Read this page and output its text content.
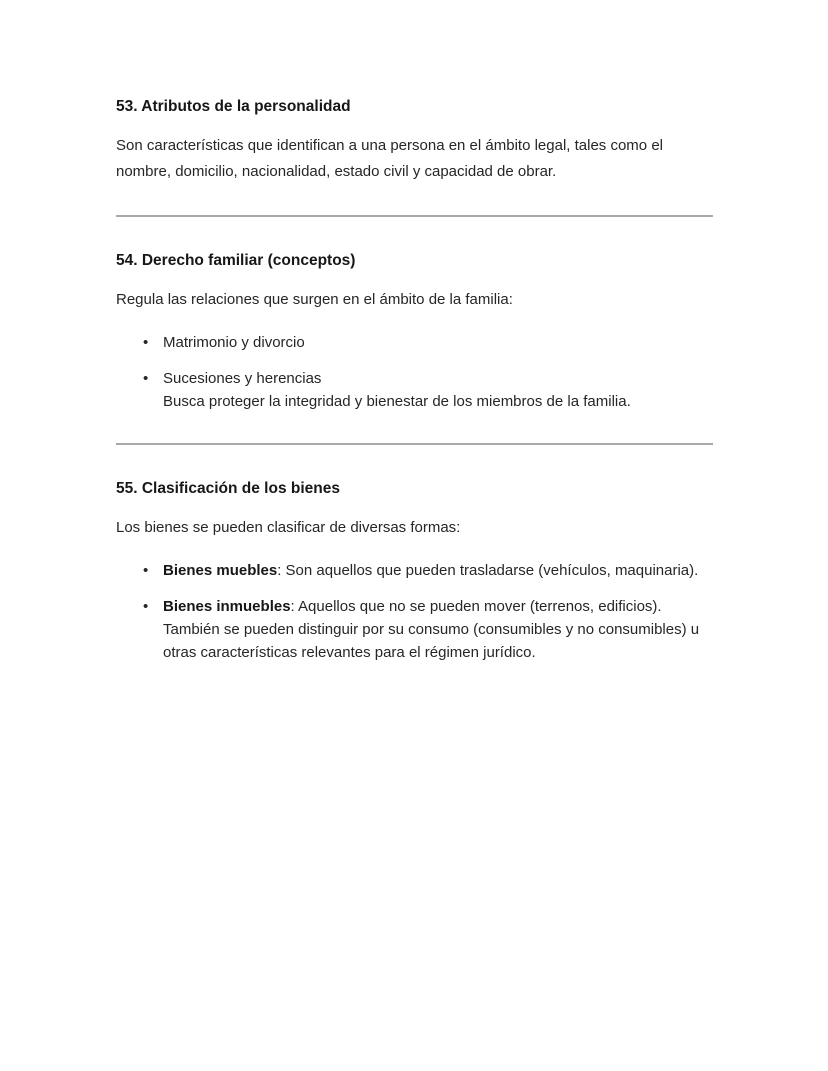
53. Atributos de la personalidad

Son características que identifican a una persona en el ámbito legal, tales como el nombre, domicilio, nacionalidad, estado civil y capacidad de obrar.

54. Derecho familiar (conceptos)

Regula las relaciones que surgen en el ámbito de la familia:

• Matrimonio y divorcio
• Sucesiones y herencias
Busca proteger la integridad y bienestar de los miembros de la familia.
55. Clasificación de los bienes

Los bienes se pueden clasificar de diversas formas:

• Bienes muebles: Son aquellos que pueden trasladarse (vehículos, maquinaria).
• Bienes inmuebles: Aquellos que no se pueden mover (terrenos, edificios). También se pueden distinguir por su consumo (consumibles y no consumibles) u otras características relevantes para el régimen jurídico.
